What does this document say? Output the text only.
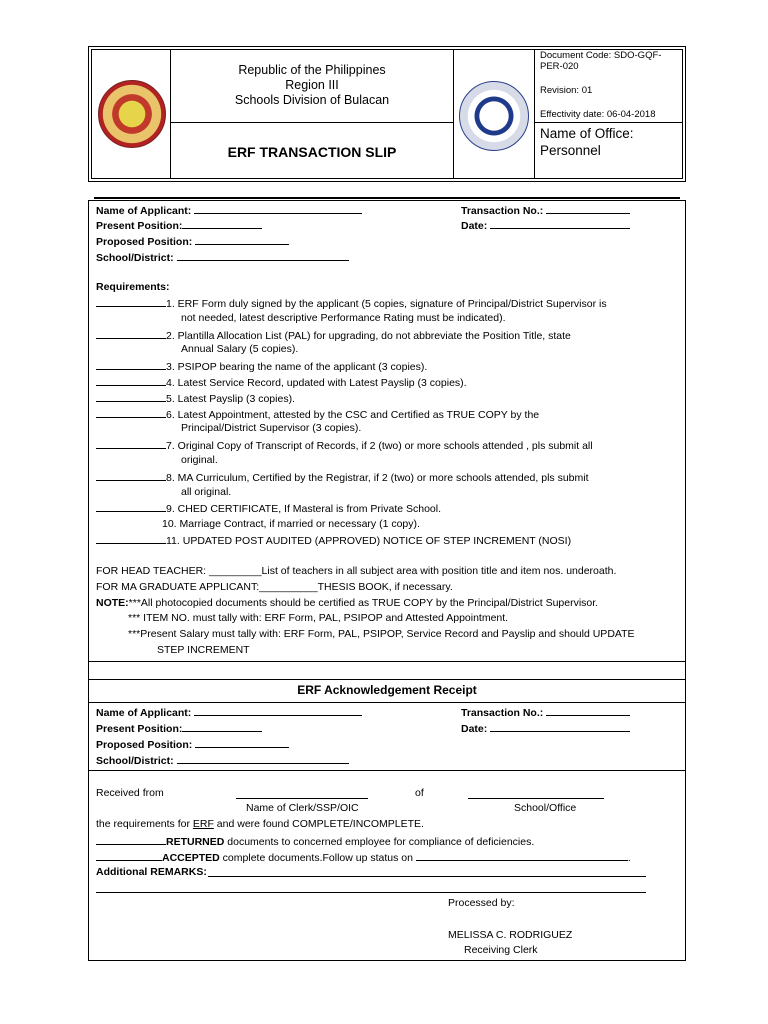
Republic of the Philippines
Region III
Schools Division of Bulacan
ERF TRANSACTION SLIP
Document Code: SDO-GQF-PER-020
Revision: 01
Effectivity date: 06-04-2018
Name of Office:
Personnel
Name of Applicant:
Present Position:
Proposed Position:
School/District:
Transaction No.:
Date:
Requirements:
1. ERF Form duly signed by the applicant (5 copies, signature of Principal/District Supervisor is
not needed, latest descriptive Performance Rating must be indicated).
2. Plantilla Allocation List (PAL) for upgrading, do not abbreviate the Position Title, state
Annual Salary (5 copies).
3. PSIPOP bearing the name of the applicant (3 copies).
4. Latest Service Record, updated with Latest Payslip (3 copies).
5. Latest Payslip (3 copies).
6. Latest Appointment, attested by the CSC and Certified as TRUE COPY by the
Principal/District Supervisor (3 copies).
7. Original Copy of Transcript of Records, if 2 (two) or more schools attended , pls submit all
original.
8. MA Curriculum, Certified by the Registrar, if 2 (two) or more schools attended, pls submit
all original.
9. CHED CERTIFICATE, If Masteral is from Private School.
10. Marriage Contract, if married or necessary (1 copy).
11. UPDATED POST AUDITED (APPROVED) NOTICE OF STEP INCREMENT (NOSI)
FOR HEAD TEACHER: _________List of teachers in all subject area with position title and item nos. underoath.
FOR MA GRADUATE APPLICANT:__________THESIS BOOK, if necessary.
NOTE:***All photocopied documents should be certified as TRUE COPY by the Principal/District Supervisor.
*** ITEM NO. must tally with: ERF Form, PAL, PSIPOP and Attested Appointment.
***Present Salary must tally with: ERF Form, PAL, PSIPOP, Service Record and Payslip and should UPDATE
STEP INCREMENT
ERF Acknowledgement Receipt
Name of Applicant:
Present Position:
Proposed Position:
School/District:
Transaction No.:
Date:
Received from	of
Name of Clerk/SSP/OIC	School/Office
the requirements for ERF and were found COMPLETE/INCOMPLETE.
RETURNED documents to concerned employee for compliance of deficiencies.
ACCEPTED complete documents.Follow up status on	.
Additional REMARKS:
Processed by:
MELISSA C. RODRIGUEZ
Receiving Clerk
